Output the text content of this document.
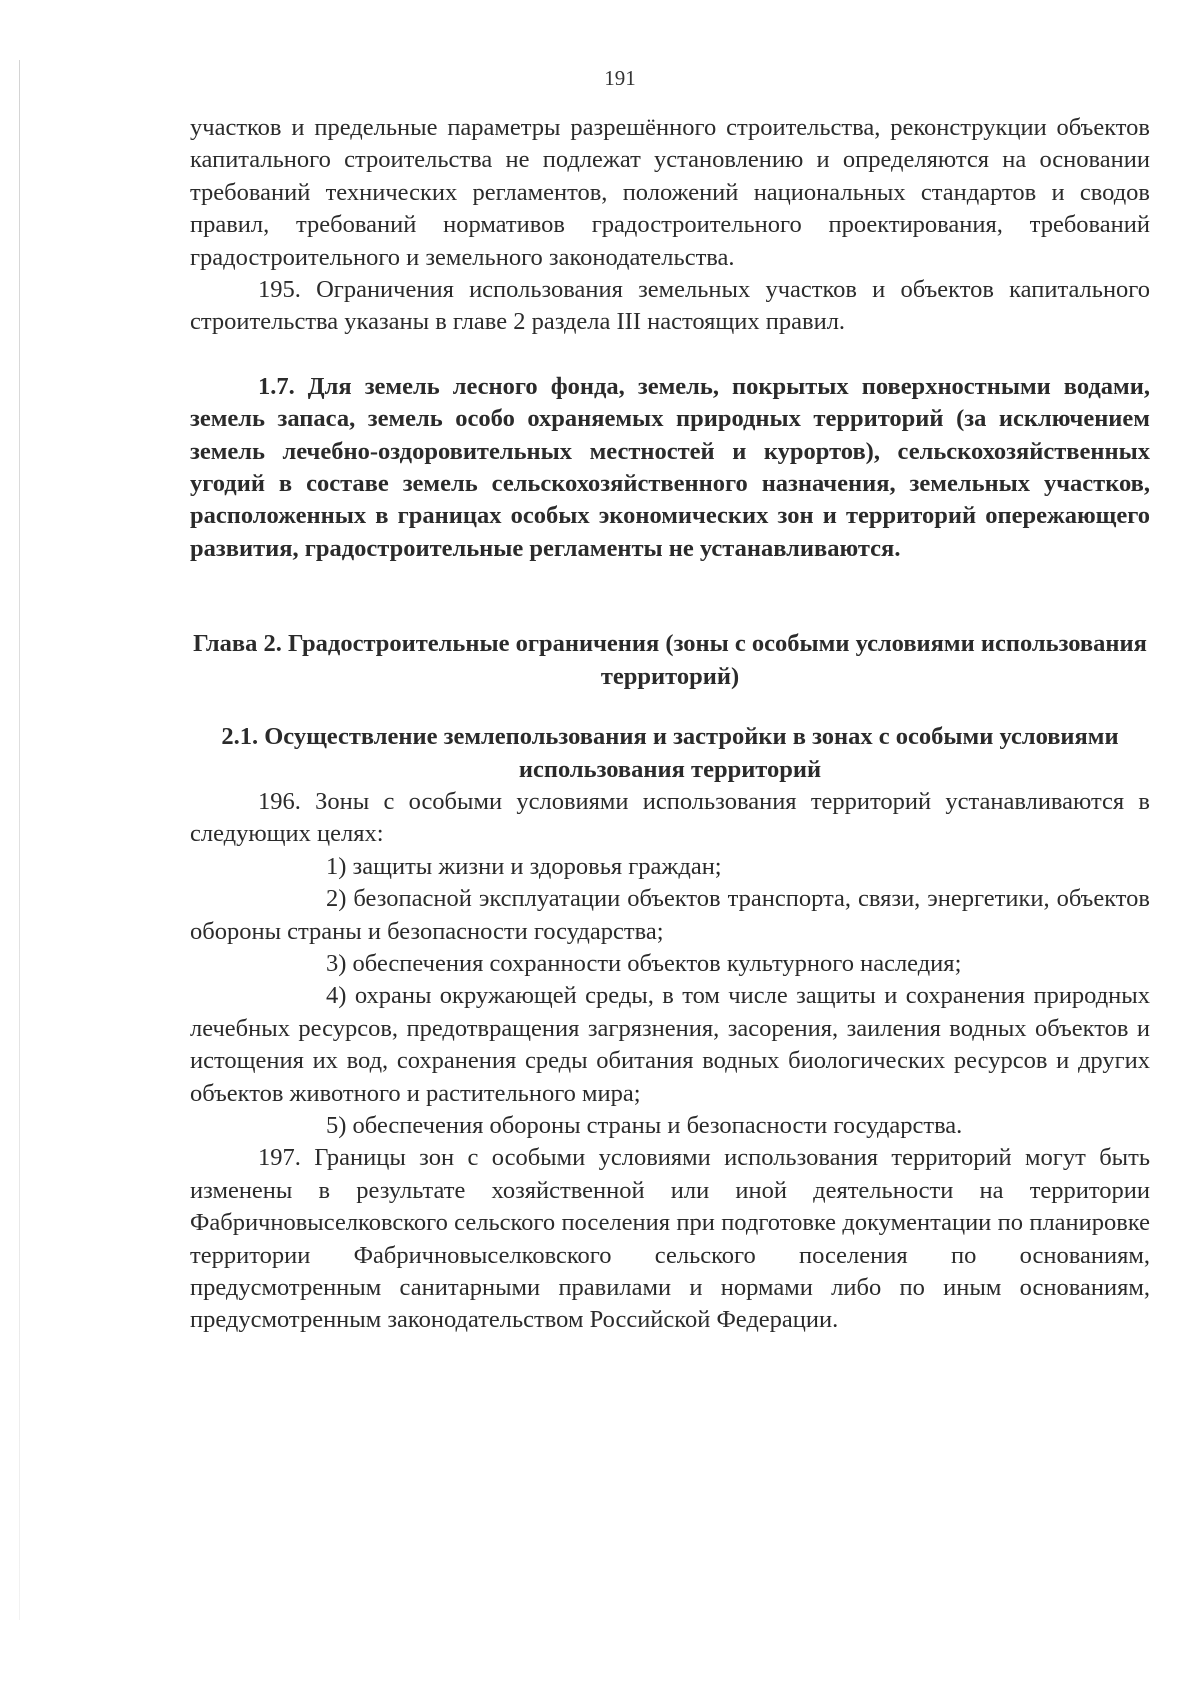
191

участков и предельные параметры разрешённого строительства, реконструкции объектов капитального строительства не подлежат установлению и определяются на основании требований технических регламентов, положений национальных стандартов и сводов правил, требований нормативов градостроительного проектирования, требований градостроительного и земельного законодательства.

195. Ограничения использования земельных участков и объектов капитального строительства указаны в главе 2 раздела III настоящих правил.

1.7. Для земель лесного фонда, земель, покрытых поверхностными водами, земель запаса, земель особо охраняемых природных территорий (за исключением земель лечебно-оздоровительных местностей и курортов), сельскохозяйственных угодий в составе земель сельскохозяйственного назначения, земельных участков, расположенных в границах особых экономических зон и территорий опережающего развития, градостроительные регламенты не устанавливаются.

Глава 2. Градостроительные ограничения (зоны с особыми условиями использования территорий)
2.1. Осуществление землепользования и застройки в зонах с особыми условиями использования территорий

196. Зоны с особыми условиями использования территорий устанавливаются в следующих целях:

1) защиты жизни и здоровья граждан;

2) безопасной эксплуатации объектов транспорта, связи, энергетики, объектов обороны страны и безопасности государства;

3) обеспечения сохранности объектов культурного наследия;

4) охраны окружающей среды, в том числе защиты и сохранения природных лечебных ресурсов, предотвращения загрязнения, засорения, заиления водных объектов и истощения их вод, сохранения среды обитания водных биологических ресурсов и других объектов животного и растительного мира;

5) обеспечения обороны страны и безопасности государства.

197. Границы зон с особыми условиями использования территорий могут быть изменены в результате хозяйственной или иной деятельности на территории Фабричновыселковского сельского поселения при подготовке документации по планировке территории Фабричновыселковского сельского поселения по основаниям, предусмотренным санитарными правилами и нормами либо по иным основаниям, предусмотренным законодательством Российской Федерации.
